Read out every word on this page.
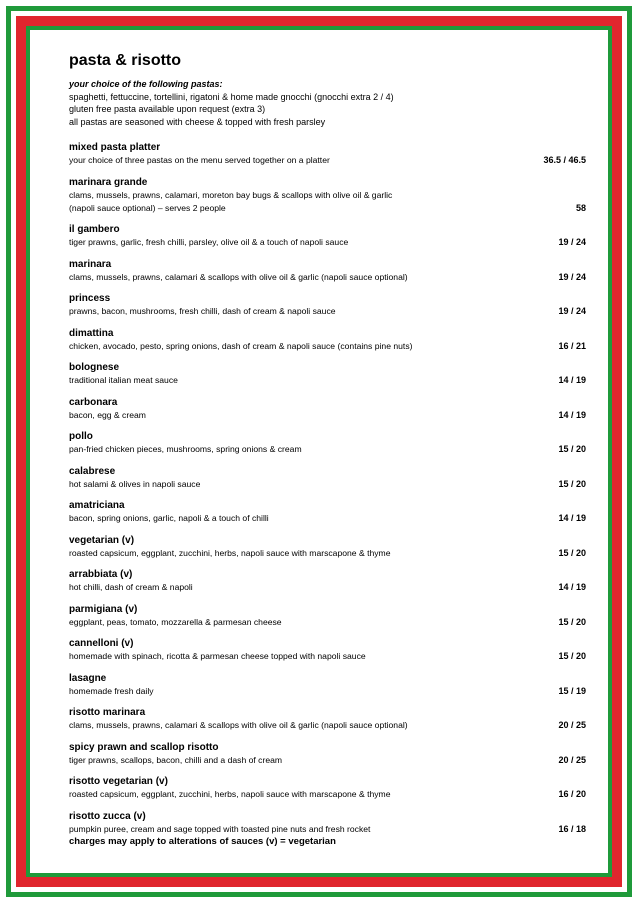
pasta & risotto
your choice of the following pastas:
spaghetti, fettuccine, tortellini, rigatoni & home made gnocchi (gnocchi extra 2 / 4)
gluten free pasta available upon request (extra 3)
all pastas are seasoned with cheese & topped with fresh parsley
mixed pasta platter
your choice of three pastas on the menu served together on a platter	36.5 / 46.5
marinara grande
clams, mussels, prawns, calamari, moreton bay bugs & scallops with olive oil & garlic
(napoli sauce optional) – serves 2 people	58
il gambero
tiger prawns, garlic, fresh chilli, parsley, olive oil & a touch of napoli sauce	19 / 24
marinara
clams, mussels, prawns, calamari & scallops with olive oil & garlic (napoli sauce optional)	19 / 24
princess
prawns, bacon, mushrooms, fresh chilli, dash of cream & napoli sauce	19 / 24
dimattina
chicken, avocado, pesto, spring onions, dash of cream & napoli sauce (contains pine nuts)	16 / 21
bolognese
traditional italian meat sauce	14 / 19
carbonara
bacon, egg & cream	14 / 19
pollo
pan-fried chicken pieces, mushrooms, spring onions & cream	15 / 20
calabrese
hot salami & olives in napoli sauce	15 / 20
amatriciana
bacon, spring onions, garlic, napoli & a touch of chilli	14 / 19
vegetarian (v)
roasted capsicum, eggplant, zucchini, herbs, napoli sauce with marscapone & thyme	15 / 20
arrabbiata (v)
hot chilli, dash of cream & napoli	14 / 19
parmigiana (v)
eggplant, peas, tomato, mozzarella & parmesan cheese	15 / 20
cannelloni (v)
homemade with spinach, ricotta & parmesan cheese topped with napoli sauce	15 / 20
lasagne
homemade fresh daily	15 / 19
risotto marinara
clams, mussels, prawns, calamari & scallops with olive oil & garlic (napoli sauce optional)	20 / 25
spicy prawn and scallop risotto
tiger prawns, scallops, bacon, chilli and a dash of cream	20 / 25
risotto vegetarian (v)
roasted capsicum, eggplant, zucchini, herbs, napoli sauce with marscapone & thyme	16 / 20
risotto zucca (v)
pumpkin puree, cream and sage topped with toasted pine nuts and fresh rocket	16 / 18
charges may apply to alterations of sauces (v) = vegetarian
